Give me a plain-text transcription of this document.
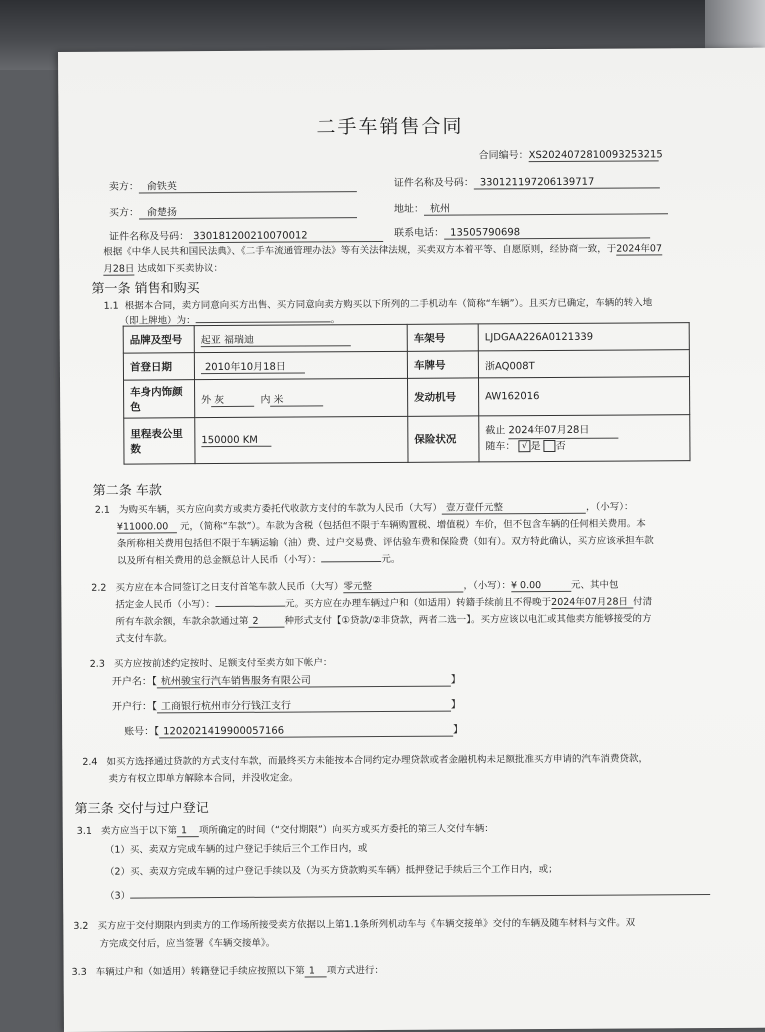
二手车销售合同
合同编号：XS2024072810093253215
卖方： 俞铁英	证件名称及号码： 330121197206139717
买方： 俞楚扬	地址： 杭州
证件名称及号码： 330181200210070012	联系电话： 13505790698
根据《中华人民共和国民法典》、《二手车流通管理办法》等有关法律法规，买卖双方本着平等、自愿原则，经协商一致，于2024年07
月28日 达成如下买卖协议：
第一条 销售和购买
1.1 根据本合同，卖方同意向买方出售、买方同意向卖方购买以下所列的二手机动车（简称“车辆”）。且买方已确定，车辆的转入地
（即上牌地）为：	。
品牌及型号	起亚 福瑞迪	车架号	LJDGAA226A0121339
首登日期	2010年10月18日	车牌号	浙AQ008T
车身内饰颜色	外 灰 内 米	发动机号	AW162016
里程表公里数	150000 KM	保险状况	截止 2024年07月28日
随车： √ 是 否
第二条 车款
2.1 为购买车辆，买方应向卖方或卖方委托代收款方支付的车款为人民币（大写） 壹万壹仟元整	，（小写）：
¥11000.00 元，（简称“车款”）。车款为含税（包括但不限于车辆购置税、增值税）车价，但不包含车辆的任何相关费用。本
条所称相关费用包括但不限于车辆运输（油）费、过户交易费、评估验车费和保险费（如有）。双方特此确认，买方应该承担车款
以及所有相关费用的总金额总计人民币（小写）：	元。
2.2 买方应在本合同签订之日支付首笔车款人民币（大写）零元整	，（小写）：¥ 0.00	元、其中包
括定金人民币（小写）：	元。买方应在办理车辆过户和（如适用）转籍手续前且不得晚于2024年07月28日 付清
所有车款余额，车款余款通过第 2	种形式支付【①贷款/②非贷款，两者二选一】。买方应该以电汇或其他卖方能够接受的方
式支付车款。
2.3 买方应按前述约定按时、足额支付至卖方如下帐户：
开户名：【 杭州骏宝行汽车销售服务有限公司	】
开户行：【 工商银行杭州市分行钱江支行	】
账号：【 1202021419900057166	】
2.4 如买方选择通过贷款的方式支付车款，而最终买方未能按本合同约定办理贷款或者金融机构未足额批准买方申请的汽车消费贷款，
卖方有权立即单方解除本合同，并没收定金。
第三条 交付与过户登记
3.1 卖方应当于以下第 1 项所确定的时间（“交付期限”）向买方或买方委托的第三人交付车辆：
（1）买、卖双方完成车辆的过户登记手续后三个工作日内，或
（2）买、卖双方完成车辆的过户登记手续以及（为买方贷款购买车辆）抵押登记手续后三个工作日内，或；
（3）
3.2 买方应于交付期限内到卖方的工作场所接受卖方依据以上第1.1条所列机动车与《车辆交接单》交付的车辆及随车材料与文件。双
方完成交付后，应当签署《车辆交接单》。
3.3 车辆过户和（如适用）转籍登记手续应按照以下第 1 项方式进行：
